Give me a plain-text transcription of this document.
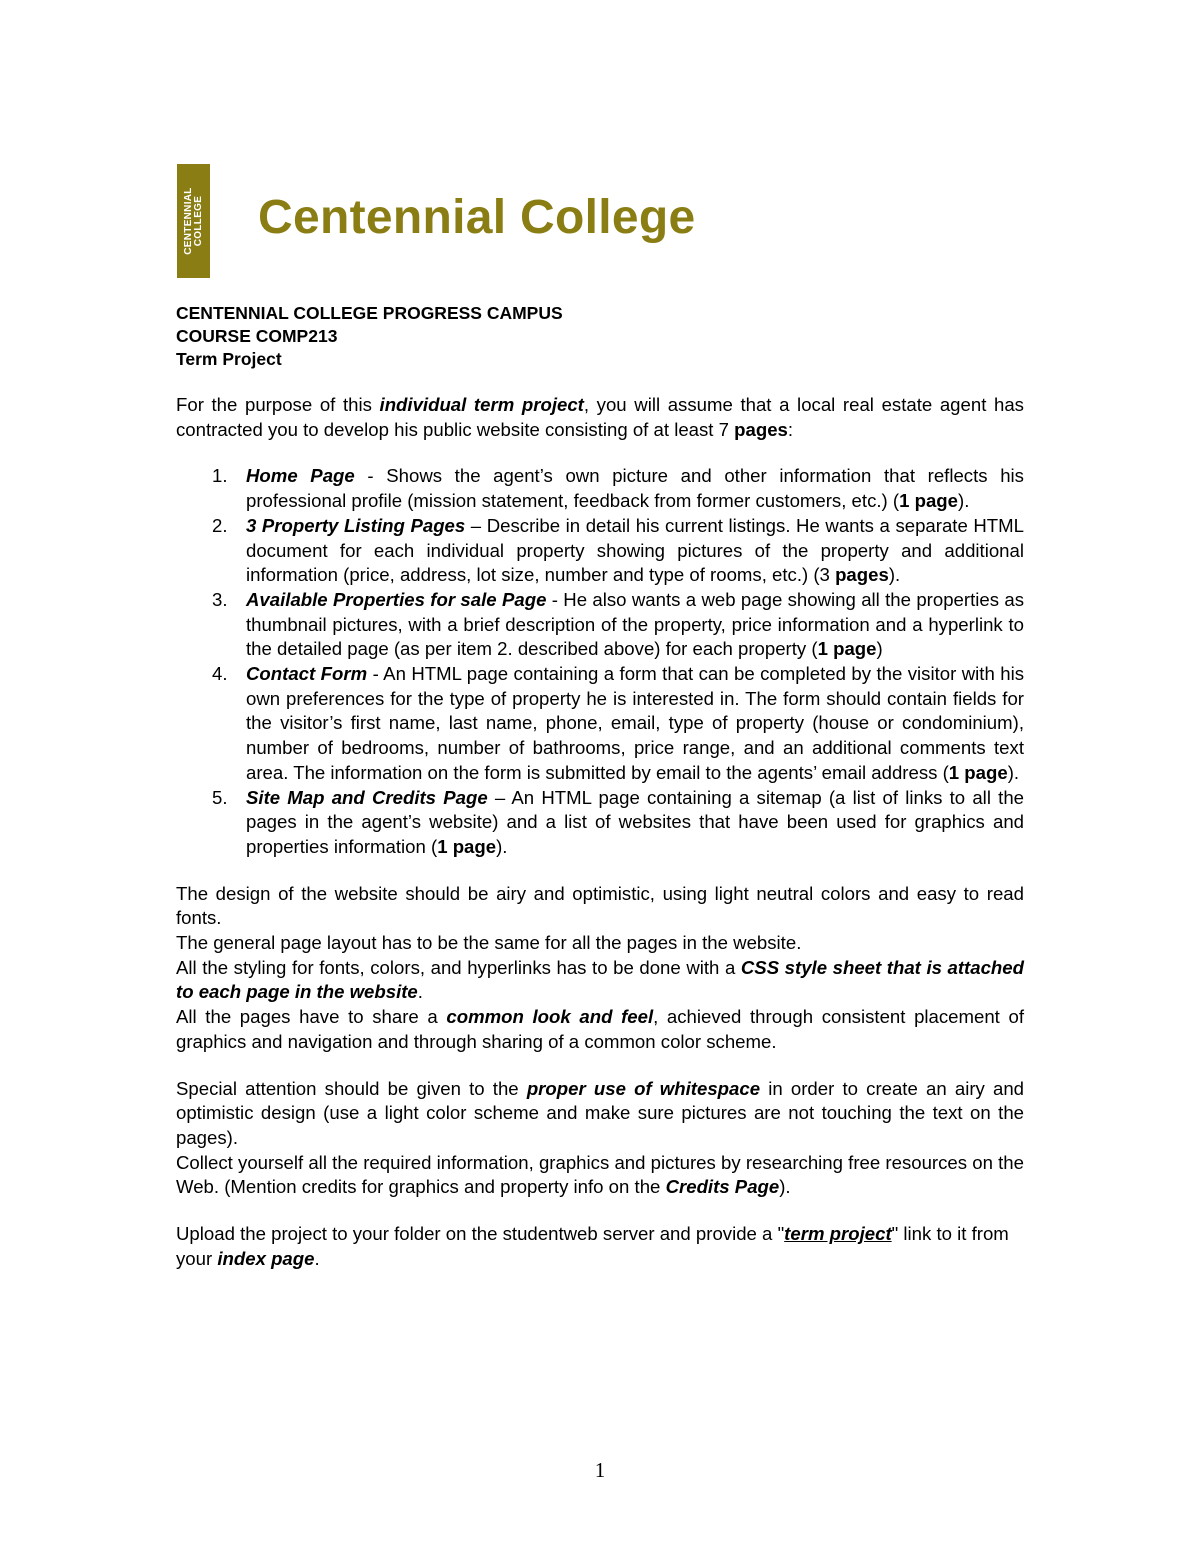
CENTENNIAL COLLEGE Centennial College
CENTENNIAL COLLEGE PROGRESS CAMPUS
COURSE COMP213
Term Project

For the purpose of this individual term project, you will assume that a local real estate agent has contracted you to develop his public website consisting of at least 7 pages:

1. Home Page - Shows the agent’s own picture and other information that reflects his professional profile (mission statement, feedback from former customers, etc.) (1 page).
2. 3 Property Listing Pages – Describe in detail his current listings. He wants a separate HTML document for each individual property showing pictures of the property and additional information (price, address, lot size, number and type of rooms, etc.) (3 pages).
3. Available Properties for sale Page - He also wants a web page showing all the properties as thumbnail pictures, with a brief description of the property, price information and a hyperlink to the detailed page (as per item 2. described above) for each property (1 page)
4. Contact Form - An HTML page containing a form that can be completed by the visitor with his own preferences for the type of property he is interested in. The form should contain fields for the visitor’s first name, last name, phone, email, type of property (house or condominium), number of bedrooms, number of bathrooms, price range, and an additional comments text area. The information on the form is submitted by email to the agents’ email address (1 page).
5. Site Map and Credits Page – An HTML page containing a sitemap (a list of links to all the pages in the agent’s website) and a list of websites that have been used for graphics and properties information (1 page).

The design of the website should be airy and optimistic, using light neutral colors and easy to read fonts.

The general page layout has to be the same for all the pages in the website.

All the styling for fonts, colors, and hyperlinks has to be done with a CSS style sheet that is attached to each page in the website.

All the pages have to share a common look and feel, achieved through consistent placement of graphics and navigation and through sharing of a common color scheme.

Special attention should be given to the proper use of whitespace in order to create an airy and optimistic design (use a light color scheme and make sure pictures are not touching the text on the pages).

Collect yourself all the required information, graphics and pictures by researching free resources on the Web. (Mention credits for graphics and property info on the Credits Page).

Upload the project to your folder on the studentweb server and provide a "term project" link to it from your index page.

1
